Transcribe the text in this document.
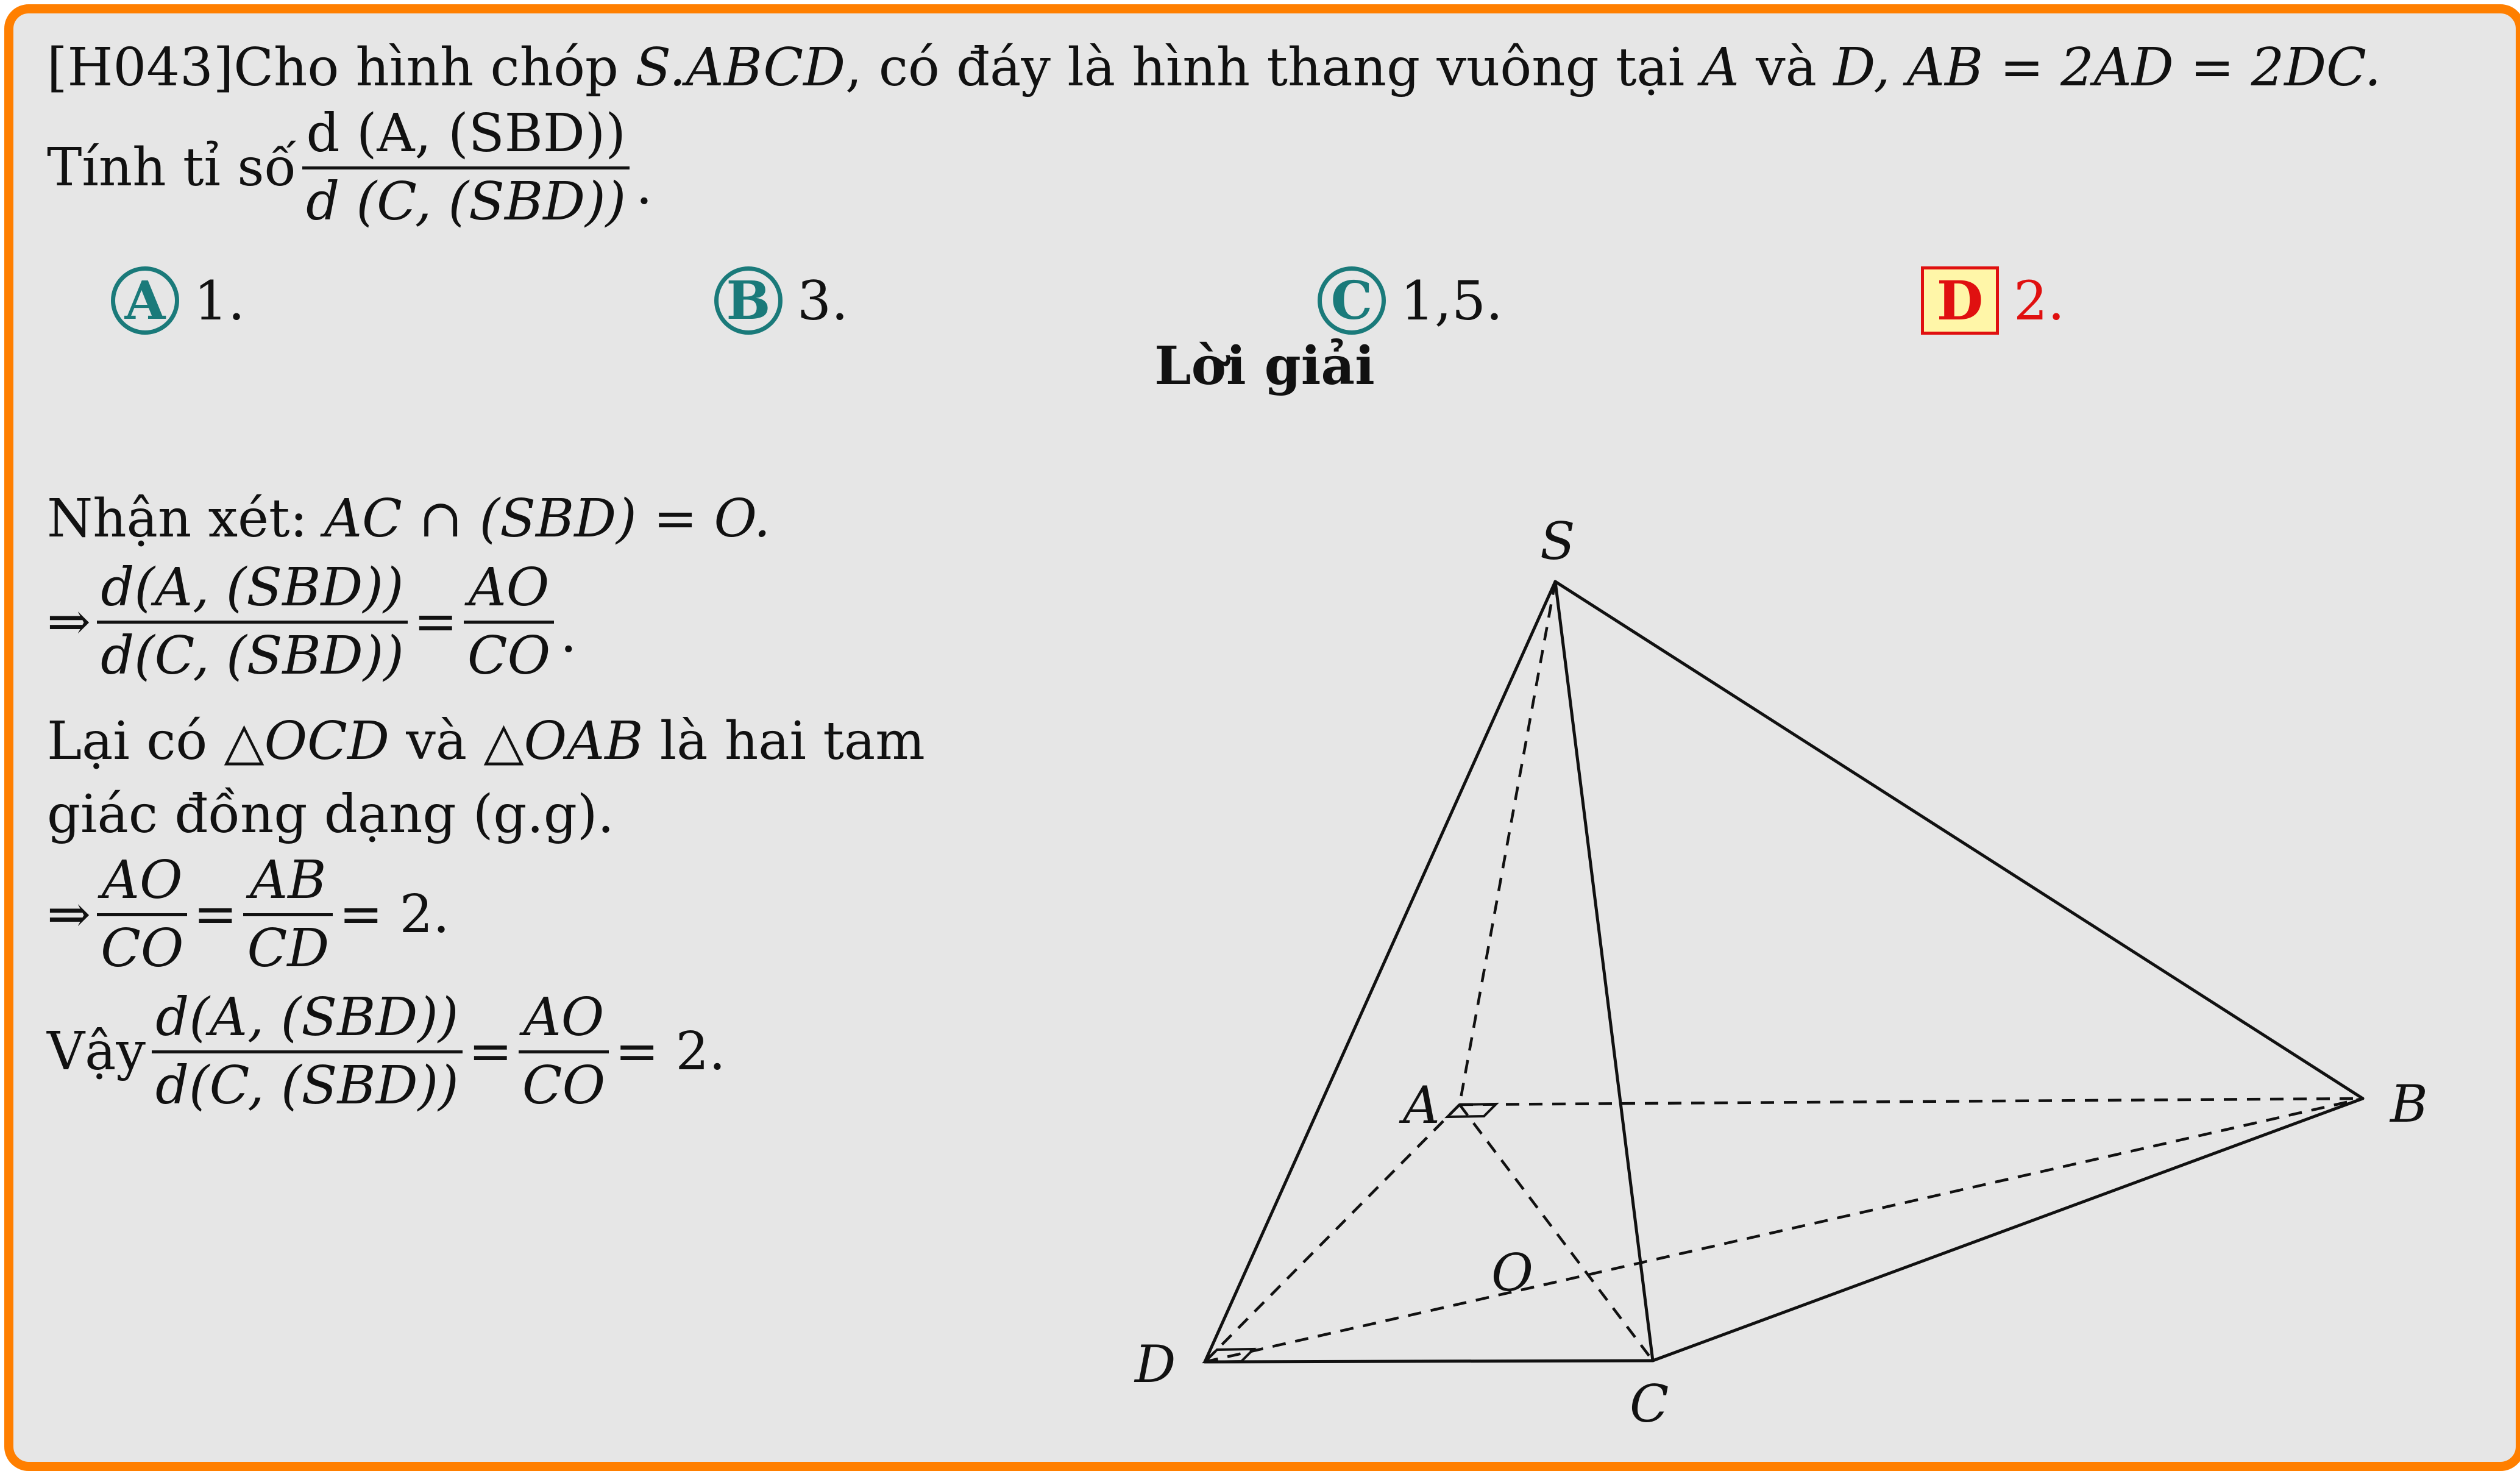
[H043]Cho hình chóp S.ABCD, có đáy là hình thang vuông tại A và D, AB = 2AD = 2DC.
Tính tỉ số $\frac{\text{d (A, (SBD))}}{\text{d (C, (SBD))}}$ .
A 1.	B 3.	C 1,5.	D 2.
Lời giải
Nhận xét: AC ∩ (SBD) = O.
⇒ $\frac{\text{d(A, (SBD))}}{\text{d(C, (SBD))}} = \frac{AO}{CO}$ .
Lại có △OCD và △OAB là hai tam
giác đồng dạng (g.g).
⇒ $\frac{AO}{CO} = \frac{AB}{CD} = 2$.
Vậy $\frac{\text{d(A, (SBD))}}{\text{d(C, (SBD))}} = \frac{AO}{CO} = 2$.
S
A	B
C
D
O
